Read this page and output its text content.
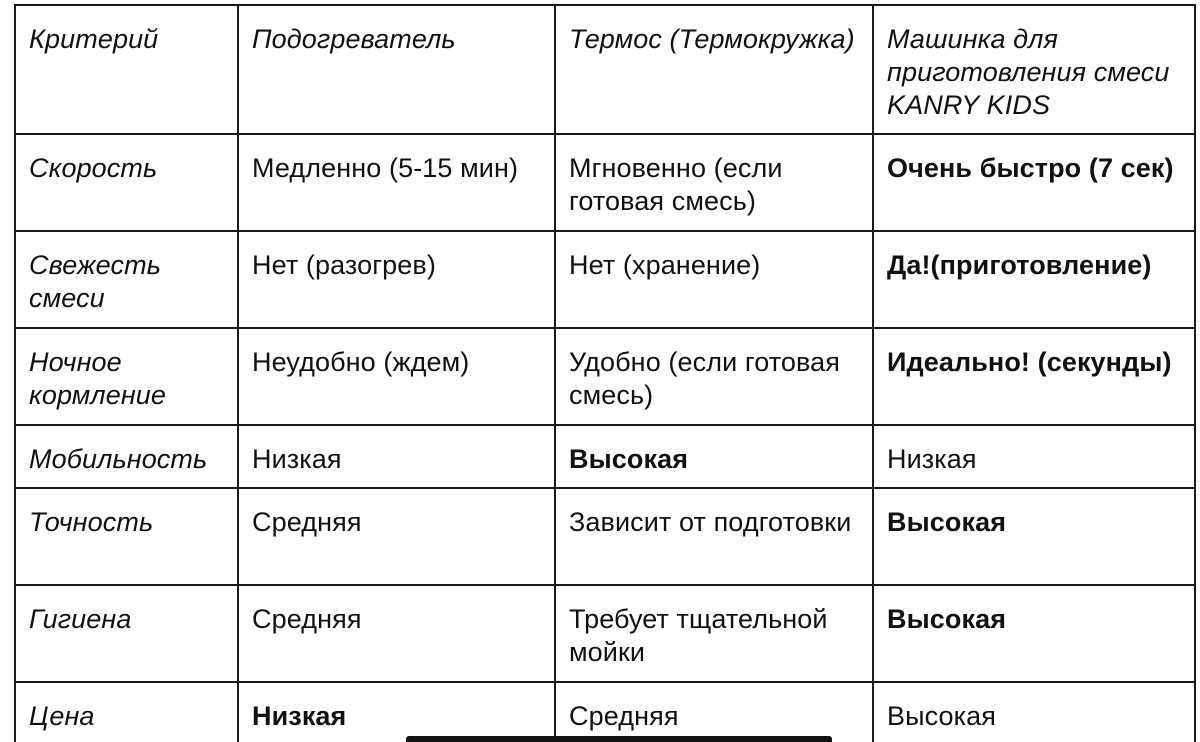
Критерий	Подогреватель	Термос (Термокружка)	Машинка для приготовления смеси KANRY KIDS
Скорость	Медленно (5-15 мин)	Мгновенно (если готовая смесь)	Очень быстро (7 сек)
Свежесть смеси	Нет (разогрев)	Нет (хранение)	Да!(приготовление)
Ночное кормление	Неудобно (ждем)	Удобно (если готовая смесь)	Идеально! (секунды)
Мобильность	Низкая	Высокая	Низкая
Точность	Средняя	Зависит от подготовки	Высокая
Гигиена	Средняя	Требует тщательной мойки	Высокая
Цена	Низкая	Средняя	Высокая
